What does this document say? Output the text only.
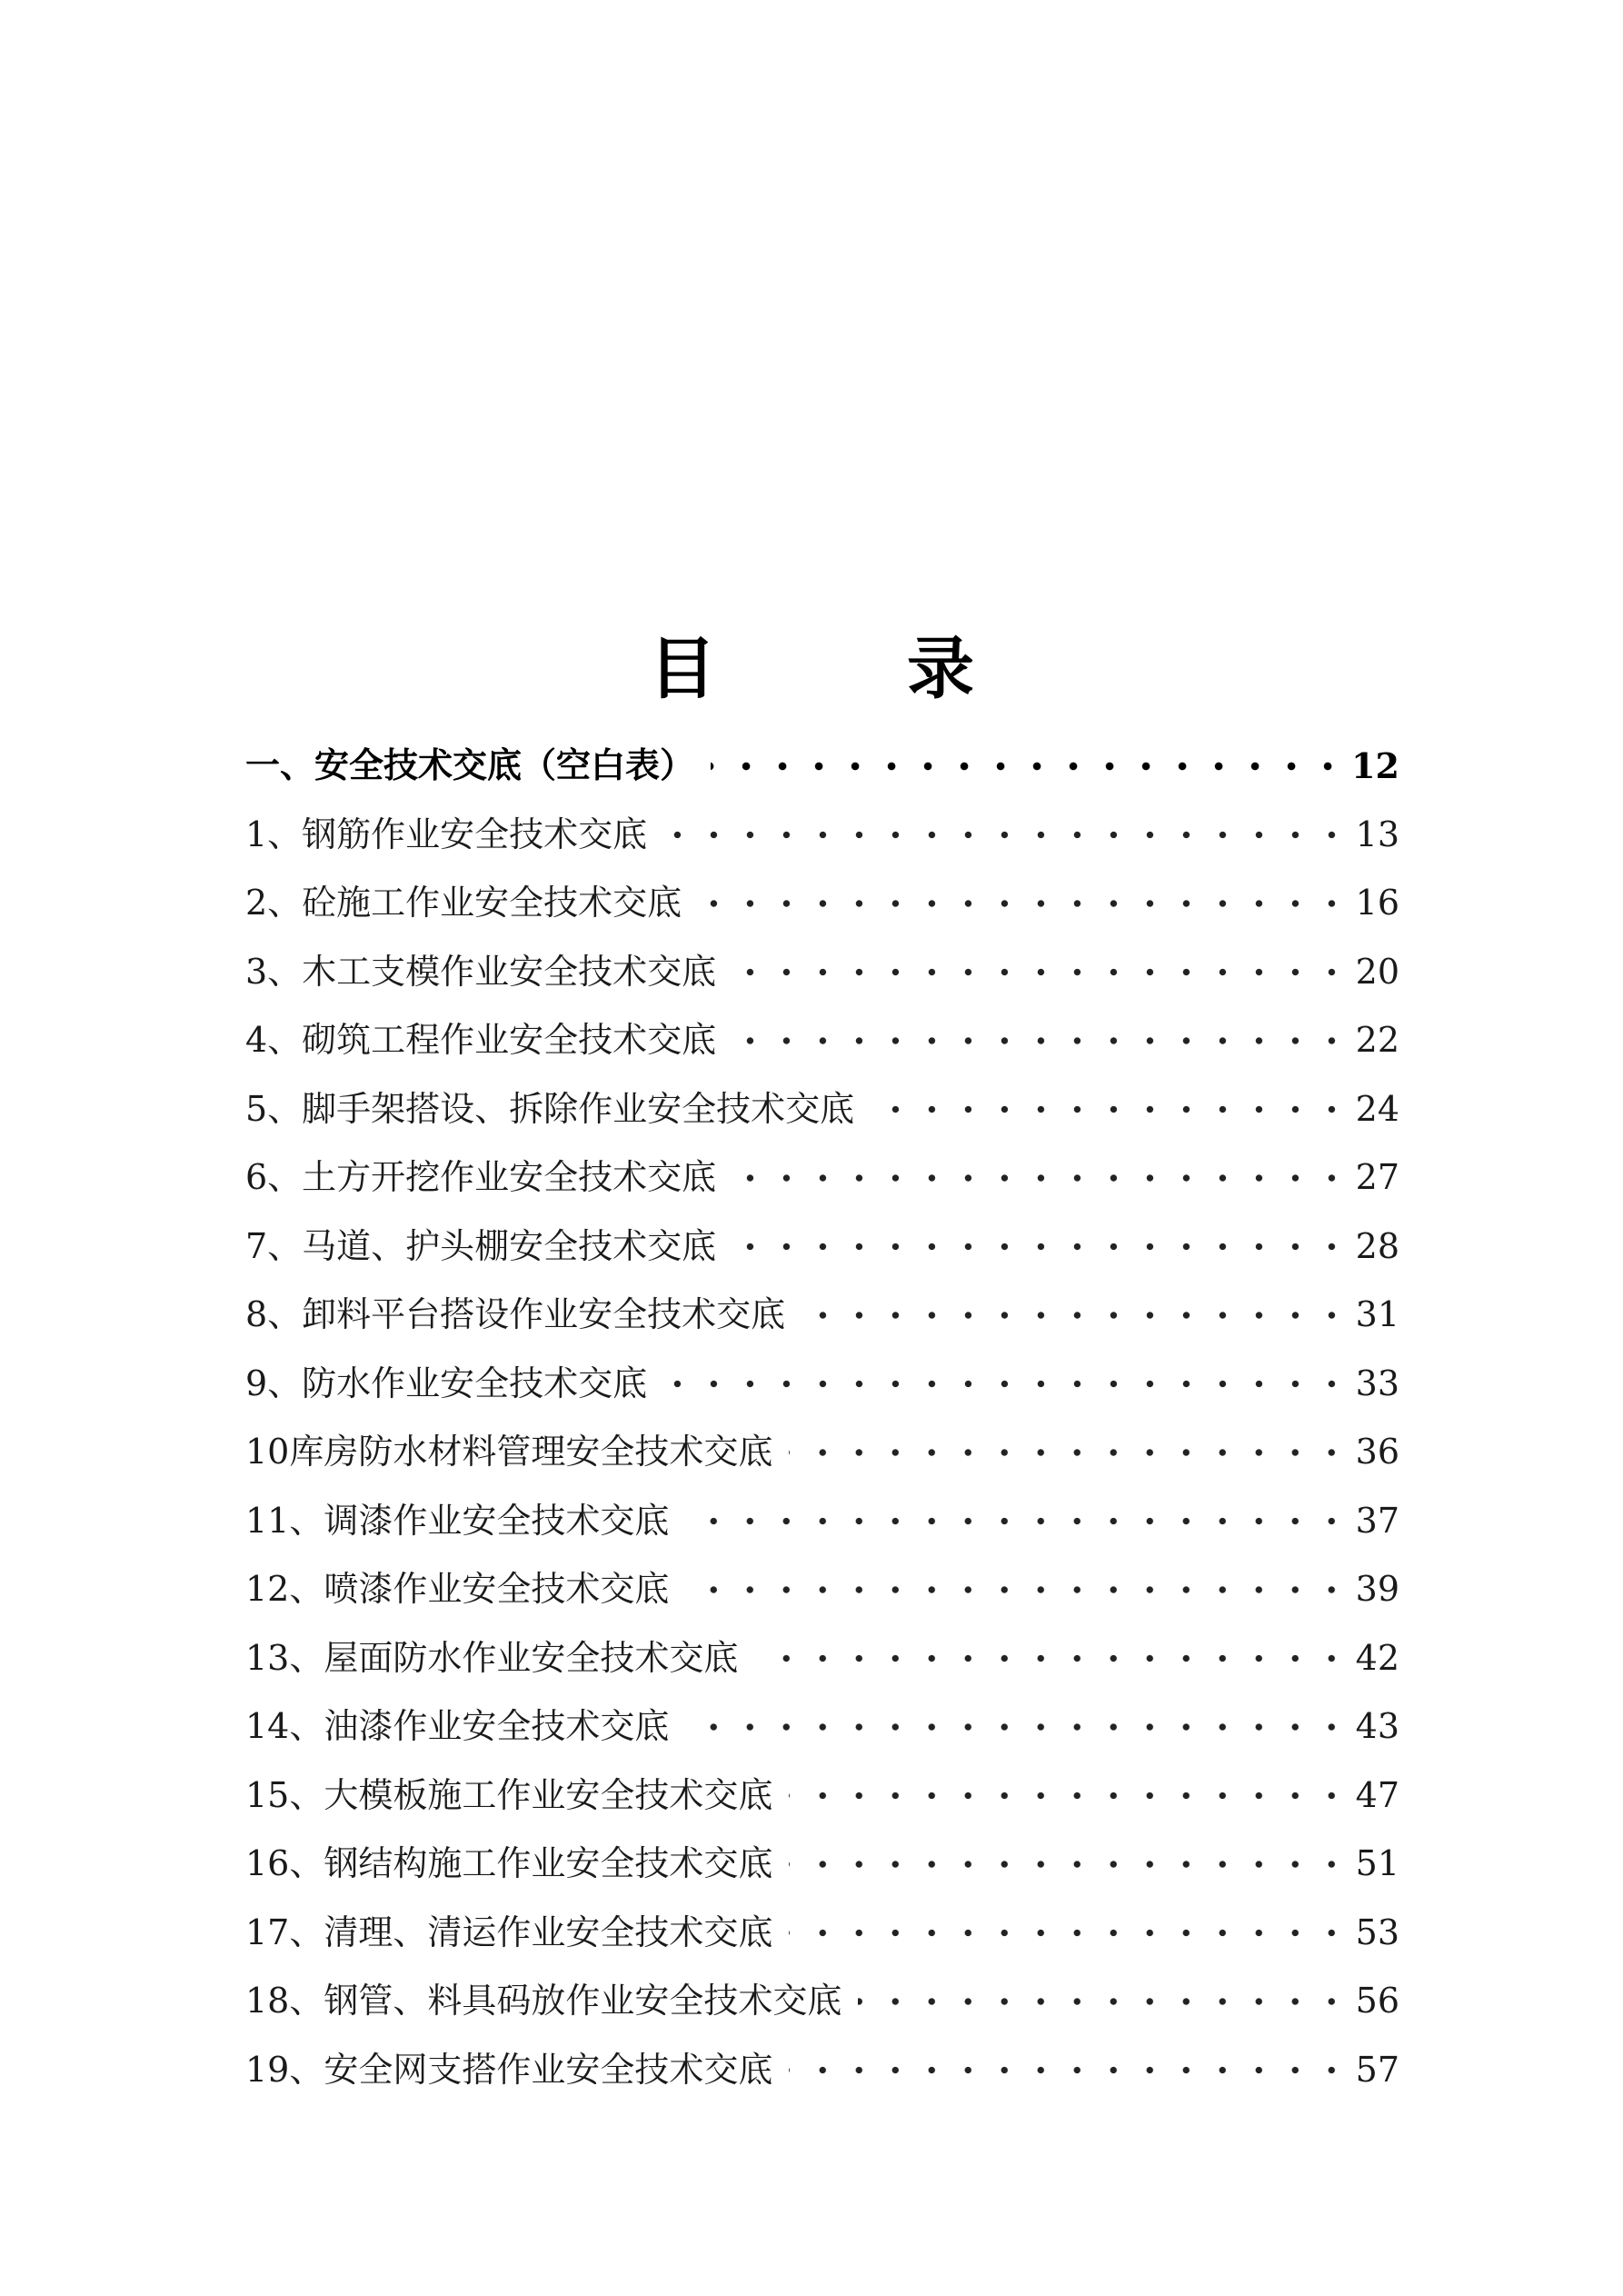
目	录
一、安全技术交底（空白表）	12
1、钢筋作业安全技术交底	13
2、砼施工作业安全技术交底	16
3、木工支模作业安全技术交底	20
4、砌筑工程作业安全技术交底	22
5、脚手架搭设、拆除作业安全技术交底	24
6、土方开挖作业安全技术交底	27
7、马道、护头棚安全技术交底	28
8、卸料平台搭设作业安全技术交底	31
9、防水作业安全技术交底	33
10库房防水材料管理安全技术交底	36
11、调漆作业安全技术交底	37
12、喷漆作业安全技术交底	39
13、屋面防水作业安全技术交底	42
14、油漆作业安全技术交底	43
15、大模板施工作业安全技术交底	47
16、钢结构施工作业安全技术交底	51
17、清理、清运作业安全技术交底	53
18、钢管、料具码放作业安全技术交底	56
19、安全网支搭作业安全技术交底	57
